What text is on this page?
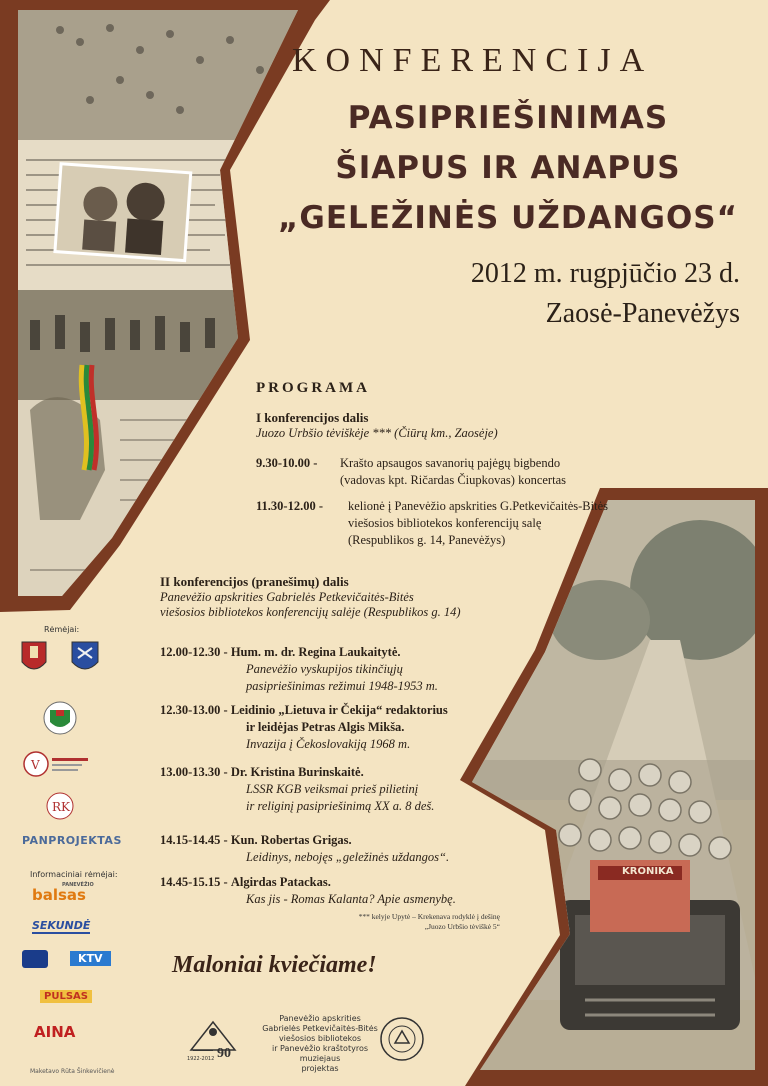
KRONIKA
KONFERENCIJA
PASIPRIEŠINIMAS
ŠIAPUS IR ANAPUS
„GELEŽINĖS UŽDANGOS“
2012 m. rugpjūčio 23 d.
Zaosė-Panevėžys
PROGRAMA
I konferencijos dalis
Juozo Urbšio tėviškėje *** (Čiūrų km., Zaosėje)
9.30-10.00 - Krašto apsaugos savanorių pajėgų bigbendo
(vadovas kpt. Ričardas Čiupkovas) koncertas
11.30-12.00 - kelionė į Panevėžio apskrities G.Petkevičaitės-Bitės
viešosios bibliotekos konferencijų salę
(Respublikos g. 14, Panevėžys)
II konferencijos (pranešimų) dalis
Panevėžio apskrities Gabrielės Petkevičaitės-Bitės
viešosios bibliotekos konferencijų salėje (Respublikos g. 14)
12.00-12.30 - Hum. m. dr. Regina Laukaitytė.
Panevėžio vyskupijos tikinčiųjų
pasipriešinimas režimui 1948-1953 m.
12.30-13.00 - Leidinio „Lietuva ir Čekija“ redaktorius
ir leidėjas Petras Algis Mikša.
Invazija į Čekoslovakiją 1968 m.
13.00-13.30 - Dr. Kristina Burinskaitė.
LSSR KGB veiksmai prieš pilietinį
ir religinį pasipriešinimą XX a. 8 deš.
14.15-14.45 - Kun. Robertas Grigas.
Leidinys, nebojęs „geležinės uždangos“.
14.45-15.15 - Algirdas Patackas.
Kas jis - Romas Kalanta? Apie asmenybę.
*** kelyje Upytė – Krekenava rodyklė į dešinę
„Juozo Urbšio tėviškė 5“
Maloniai kviečiame!
Rėmėjai:
V
RK
PANPROJEKTAS
Informaciniai rėmėjai:
PANEVĖŽIO
balsas
SEKUNDĖ
KTV
PULSAS
AINA
Maketavo Rūta Šinkevičienė
1922-2012 90
Panevėžio apskrities
Gabrielės Petkevičaitės-Bitės
viešosios bibliotekos
ir Panevėžio kraštotyros muziejaus
projektas
